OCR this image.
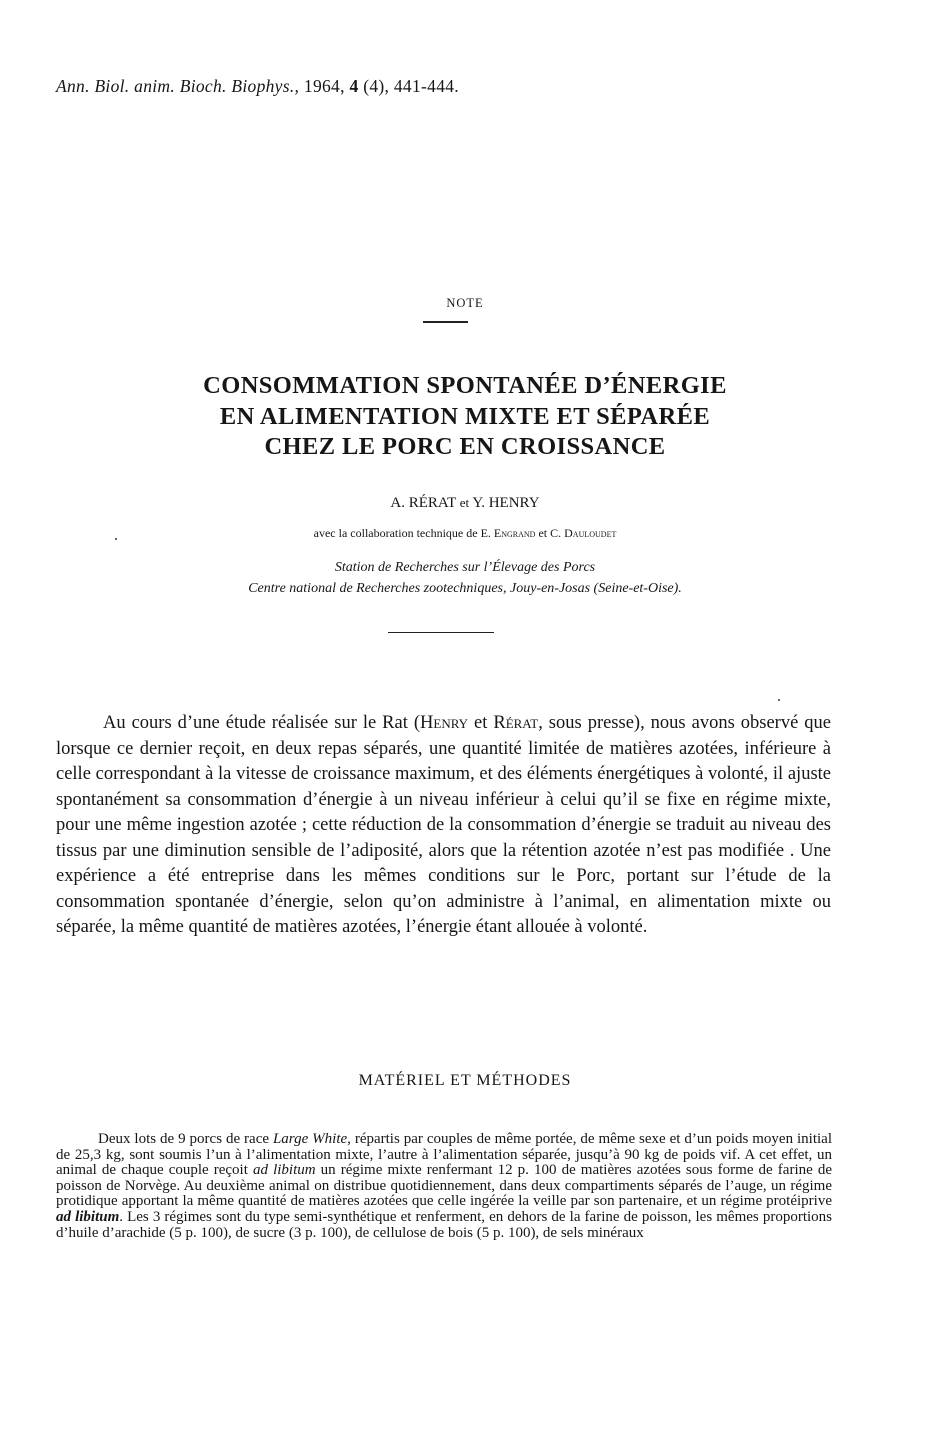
Ann. Biol. anim. Bioch. Biophys., 1964, 4 (4), 441-444.
NOTE
CONSOMMATION SPONTANÉE D’ÉNERGIE
EN ALIMENTATION MIXTE ET SÉPARÉE
CHEZ LE PORC EN CROISSANCE
A. RÉRAT et Y. HENRY
avec la collaboration technique de E. Engrand et C. Dauloudet
Station de Recherches sur l’Élevage des Porcs
Centre national de Recherches zootechniques, Jouy-en-Josas (Seine-et-Oise).

Au cours d’une étude réalisée sur le Rat (Henry et Rérat, sous presse), nous avons observé que lorsque ce dernier reçoit, en deux repas séparés, une quantité limitée de matières azotées, inférieure à celle correspondant à la vitesse de croissance maximum, et des éléments énergétiques à volonté, il ajuste spontanément sa consommation d’énergie à un niveau inférieur à celui qu’il se fixe en régime mixte, pour une même ingestion azotée ; cette réduction de la consommation d’énergie se traduit au niveau des tissus par une diminution sensible de l’adiposité, alors que la rétention azotée n’est pas modifiée . Une expérience a été entreprise dans les mêmes conditions sur le Porc, portant sur l’étude de la consommation spontanée d’énergie, selon qu’on administre à l’animal, en alimentation mixte ou séparée, la même quantité de matières azotées, l’énergie étant allouée à volonté.

MATÉRIEL ET MÉTHODES

Deux lots de 9 porcs de race Large White, répartis par couples de même portée, de même sexe et d’un poids moyen initial de 25,3 kg, sont soumis l’un à l’alimentation mixte, l’autre à l’alimentation séparée, jusqu’à 90 kg de poids vif. A cet effet, un animal de chaque couple reçoit ad libitum un régime mixte renfermant 12 p. 100 de matières azotées sous forme de farine de poisson de Norvège. Au deuxième animal on distribue quotidiennement, dans deux compartiments séparés de l’auge, un régime protidique apportant la même quantité de matières azotées que celle ingérée la veille par son partenaire, et un régime protéiprive ad libitum. Les 3 régimes sont du type semi-synthétique et renferment, en dehors de la farine de poisson, les mêmes proportions d’huile d’arachide (5 p. 100), de sucre (3 p. 100), de cellulose de bois (5 p. 100), de sels minéraux
